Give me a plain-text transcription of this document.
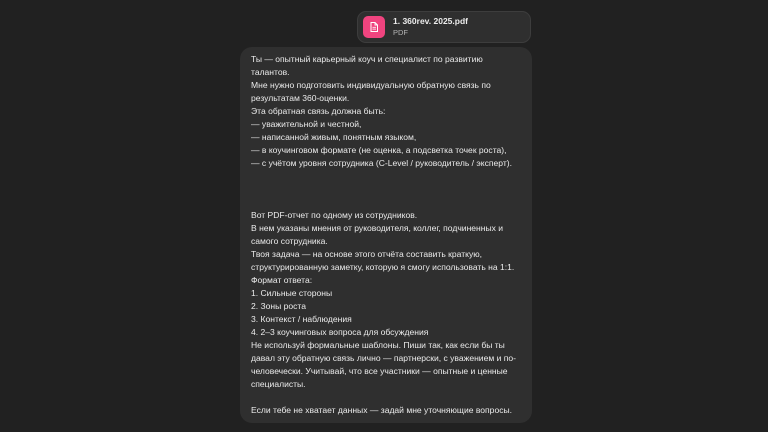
1. 360rev. 2025.pdf
PDF
Ты — опытный карьерный коуч и специалист по развитию
талантов.
Мне нужно подготовить индивидуальную обратную связь по
результатам 360-оценки.
Эта обратная связь должна быть:
— уважительной и честной,
— написанной живым, понятным языком,
— в коучинговом формате (не оценка, а подсветка точек роста),
— с учётом уровня сотрудника (C-Level / руководитель / эксперт).
Вот PDF-отчет по одному из сотрудников.
В нем указаны мнения от руководителя, коллег, подчиненных и
самого сотрудника.
Твоя задача — на основе этого отчёта составить краткую,
структурированную заметку, которую я смогу использовать на 1:1.
Формат ответа:
1. Сильные стороны
2. Зоны роста
3. Контекст / наблюдения
4. 2–3 коучинговых вопроса для обсуждения
Не используй формальные шаблоны. Пиши так, как если бы ты
давал эту обратную связь лично — партнерски, с уважением и по-
человечески. Учитывай, что все участники — опытные и ценные
специалисты.
Если тебе не хватает данных — задай мне уточняющие вопросы.
